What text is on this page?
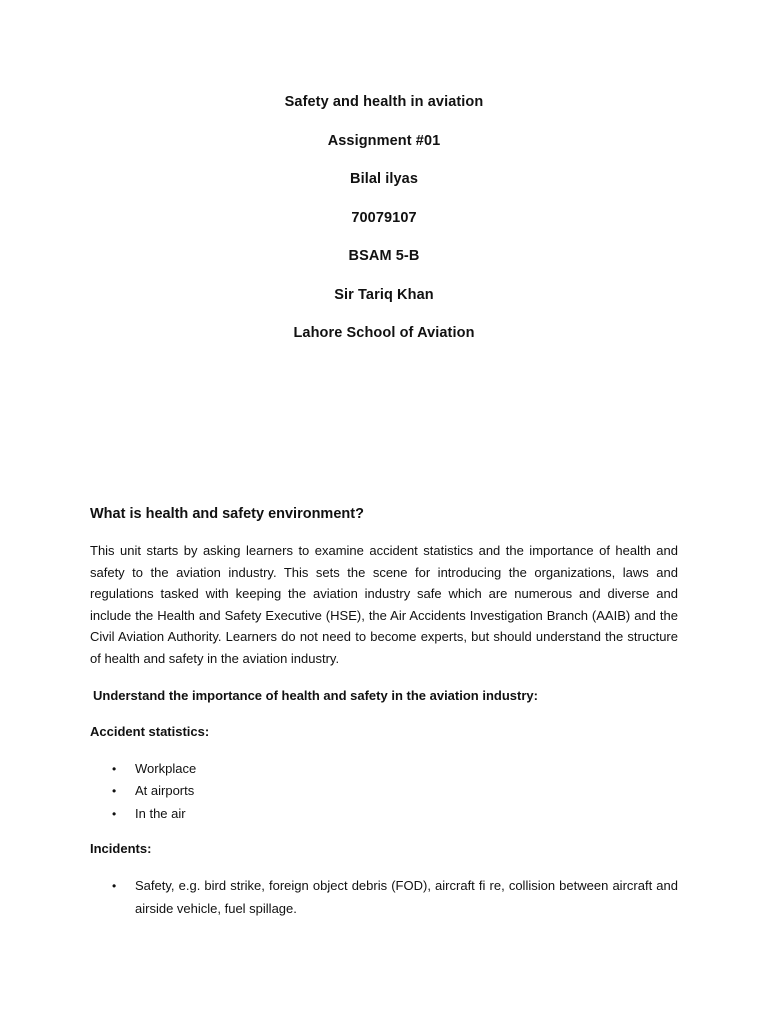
Safety and health in aviation
Assignment #01
Bilal ilyas
70079107
BSAM 5-B
Sir Tariq Khan
Lahore School of Aviation
What is health and safety environment?

This unit starts by asking learners to examine accident statistics and the importance of health and safety to the aviation industry. This sets the scene for introducing the organizations, laws and regulations tasked with keeping the aviation industry safe which are numerous and diverse and include the Health and Safety Executive (HSE), the Air Accidents Investigation Branch (AAIB) and the Civil Aviation Authority. Learners do not need to become experts, but should understand the structure of health and safety in the aviation industry.

Understand the importance of health and safety in the aviation industry:
Accident statistics:
• Workplace
• At airports
• In the air
Incidents:
• Safety, e.g. bird strike, foreign object debris (FOD), aircraft fi re, collision between aircraft and airside vehicle, fuel spillage.
